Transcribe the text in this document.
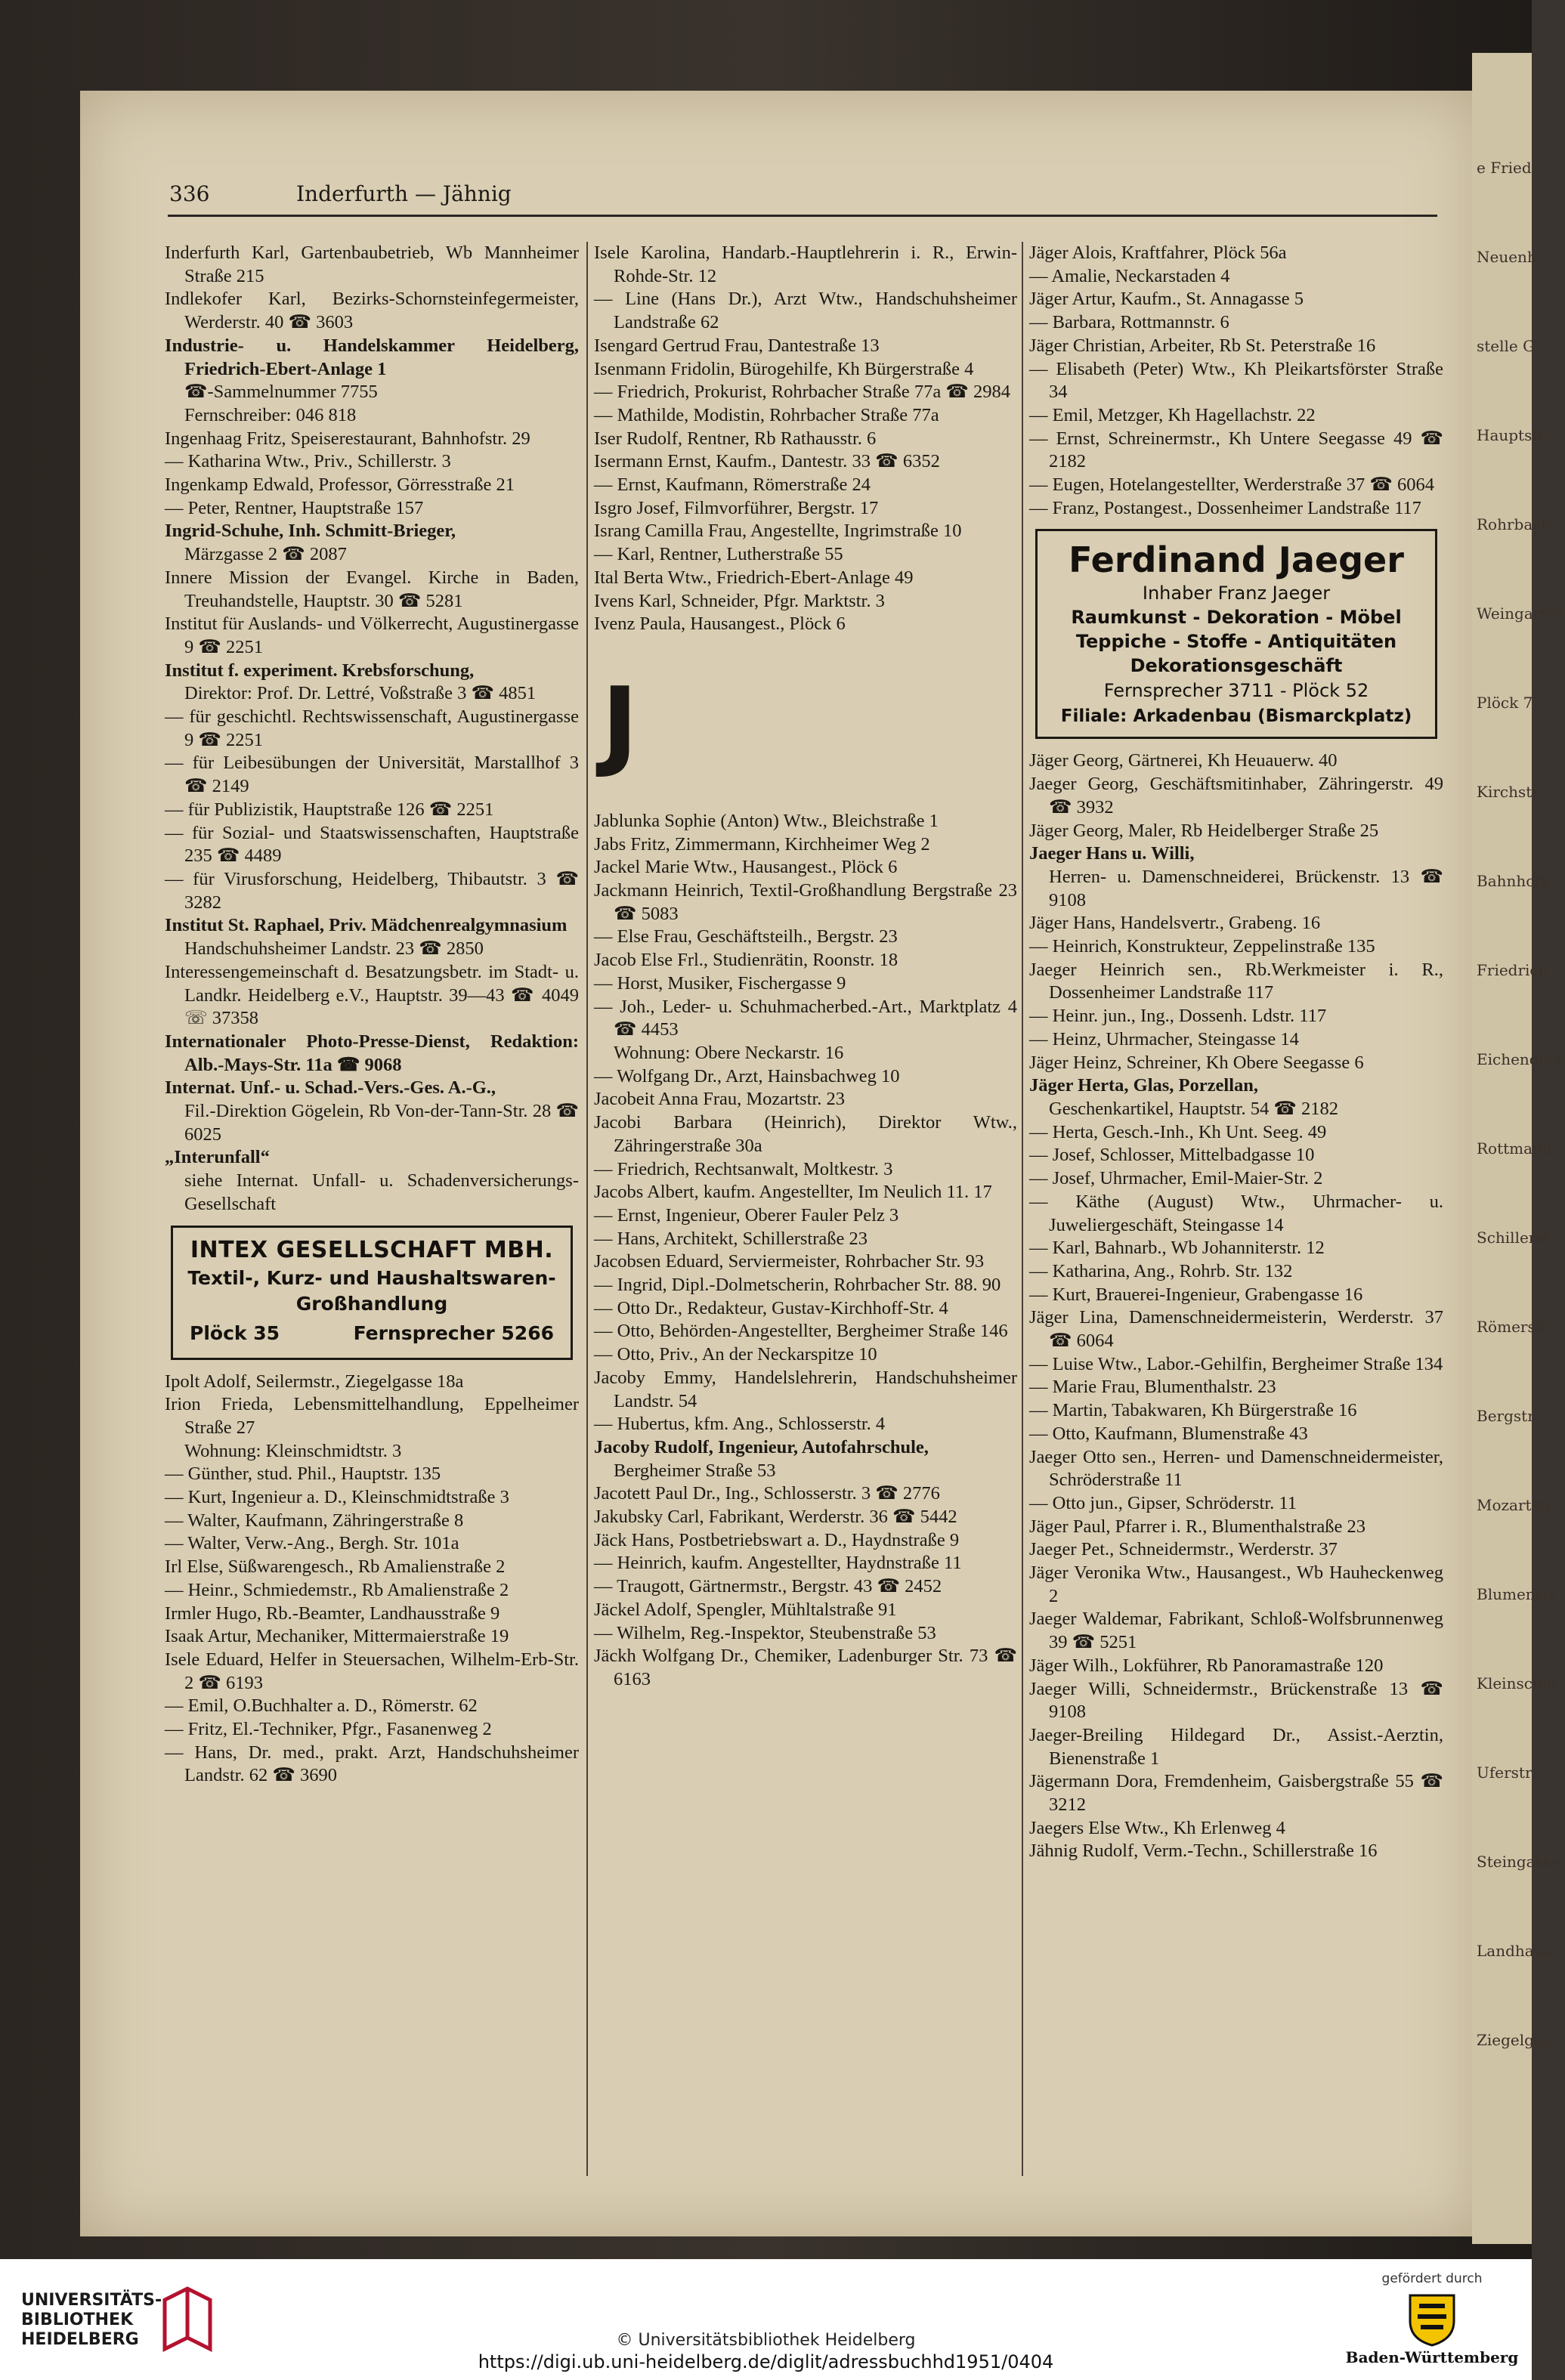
e Fried
Neuenh
stelle G
Hauptstr
Rohrbach
Weingarten
Plöck 7
Kirchstr
Bahnhofs
Friedrich
Eichendorf
Rottmann
Schillerst
Römerstr
Bergstr
Mozartstr
Blumenstr
Kleinschm
Uferstr
Steingasse
Landhaus
Ziegelgas
336	Inderfurth — Jähnig

Inderfurth Karl, Gartenbaubetrieb, Wb Mannheimer Straße 215

Indlekofer Karl, Bezirks-Schornsteinfegermeister, Werderstr. 40 ☎ 3603

Industrie- u. Handelskammer Heidelberg, Friedrich-Ebert-Anlage 1

☎-Sammelnummer 7755

Fernschreiber: 046 818

Ingenhaag Fritz, Speiserestaurant, Bahnhofstr. 29

— Katharina Wtw., Priv., Schillerstr. 3

Ingenkamp Edwald, Professor, Görresstraße 21

— Peter, Rentner, Hauptstraße 157

Ingrid-Schuhe, Inh. Schmitt-Brieger,

Märzgasse 2 ☎ 2087

Innere Mission der Evangel. Kirche in Baden, Treuhandstelle, Hauptstr. 30 ☎ 5281

Institut für Auslands- und Völkerrecht, Augustinergasse 9 ☎ 2251

Institut f. experiment. Krebsforschung,

Direktor: Prof. Dr. Lettré, Voßstraße 3 ☎ 4851

— für geschichtl. Rechtswissenschaft, Augustinergasse 9 ☎ 2251

— für Leibesübungen der Universität, Marstallhof 3 ☎ 2149

— für Publizistik, Hauptstraße 126 ☎ 2251

— für Sozial- und Staatswissenschaften, Hauptstraße 235 ☎ 4489

— für Virusforschung, Heidelberg, Thibautstr. 3 ☎ 3282

Institut St. Raphael, Priv. Mädchenrealgymnasium

Handschuhsheimer Landstr. 23 ☎ 2850

Interessengemeinschaft d. Besatzungsbetr. im Stadt- u. Landkr. Heidelberg e.V., Hauptstr. 39—43 ☎ 4049 ☏ 37358

Internationaler Photo-Presse-Dienst, Redaktion: Alb.-Mays-Str. 11a ☎ 9068

Internat. Unf.- u. Schad.-Vers.-Ges. A.-G.,

Fil.-Direktion Gögelein, Rb Von-der-Tann-Str. 28 ☎ 6025

„Interunfall“

siehe Internat. Unfall- u. Schadenversicherungs-Gesellschaft

INTEX GESELLSCHAFT MBH.
Textil-, Kurz- und Haushaltswaren-
Großhandlung
Plöck 35	Fernsprecher 5266

Ipolt Adolf, Seilermstr., Ziegelgasse 18a

Irion Frieda, Lebensmittelhandlung, Eppelheimer Straße 27

Wohnung: Kleinschmidtstr. 3

— Günther, stud. Phil., Hauptstr. 135

— Kurt, Ingenieur a. D., Kleinschmidtstraße 3

— Walter, Kaufmann, Zähringerstraße 8

— Walter, Verw.-Ang., Bergh. Str. 101a

Irl Else, Süßwarengesch., Rb Amalienstraße 2

— Heinr., Schmiedemstr., Rb Amalienstraße 2

Irmler Hugo, Rb.-Beamter, Landhausstraße 9

Isaak Artur, Mechaniker, Mittermaierstraße 19

Isele Eduard, Helfer in Steuersachen, Wilhelm-Erb-Str. 2 ☎ 6193

— Emil, O.Buchhalter a. D., Römerstr. 62

— Fritz, El.-Techniker, Pfgr., Fasanenweg 2

— Hans, Dr. med., prakt. Arzt, Handschuhsheimer Landstr. 62 ☎ 3690

Isele Karolina, Handarb.-Hauptlehrerin i. R., Erwin-Rohde-Str. 12

— Line (Hans Dr.), Arzt Wtw., Handschuhsheimer Landstraße 62

Isengard Gertrud Frau, Dantestraße 13

Isenmann Fridolin, Bürogehilfe, Kh Bürgerstraße 4

— Friedrich, Prokurist, Rohrbacher Straße 77a ☎ 2984

— Mathilde, Modistin, Rohrbacher Straße 77a

Iser Rudolf, Rentner, Rb Rathausstr. 6

Isermann Ernst, Kaufm., Dantestr. 33 ☎ 6352

— Ernst, Kaufmann, Römerstraße 24

Isgro Josef, Filmvorführer, Bergstr. 17

Israng Camilla Frau, Angestellte, Ingrimstraße 10

— Karl, Rentner, Lutherstraße 55

Ital Berta Wtw., Friedrich-Ebert-Anlage 49

Ivens Karl, Schneider, Pfgr. Marktstr. 3

Ivenz Paula, Hausangest., Plöck 6

J

Jablunka Sophie (Anton) Wtw., Bleichstraße 1

Jabs Fritz, Zimmermann, Kirchheimer Weg 2

Jackel Marie Wtw., Hausangest., Plöck 6

Jackmann Heinrich, Textil-Großhandlung Bergstraße 23 ☎ 5083

— Else Frau, Geschäftsteilh., Bergstr. 23

Jacob Else Frl., Studienrätin, Roonstr. 18

— Horst, Musiker, Fischergasse 9

— Joh., Leder- u. Schuhmacherbed.-Art., Marktplatz 4 ☎ 4453

Wohnung: Obere Neckarstr. 16

— Wolfgang Dr., Arzt, Hainsbachweg 10

Jacobeit Anna Frau, Mozartstr. 23

Jacobi Barbara (Heinrich), Direktor Wtw., Zähringerstraße 30a

— Friedrich, Rechtsanwalt, Moltkestr. 3

Jacobs Albert, kaufm. Angestellter, Im Neulich 11. 17

— Ernst, Ingenieur, Oberer Fauler Pelz 3

— Hans, Architekt, Schillerstraße 23

Jacobsen Eduard, Serviermeister, Rohrbacher Str. 93

— Ingrid, Dipl.-Dolmetscherin, Rohrbacher Str. 88. 90

— Otto Dr., Redakteur, Gustav-Kirchhoff-Str. 4

— Otto, Behörden-Angestellter, Bergheimer Straße 146

— Otto, Priv., An der Neckarspitze 10

Jacoby Emmy, Handelslehrerin, Handschuhsheimer Landstr. 54

— Hubertus, kfm. Ang., Schlosserstr. 4

Jacoby Rudolf, Ingenieur, Autofahrschule,

Bergheimer Straße 53

Jacotett Paul Dr., Ing., Schlosserstr. 3 ☎ 2776

Jakubsky Carl, Fabrikant, Werderstr. 36 ☎ 5442

Jäck Hans, Postbetriebswart a. D., Haydnstraße 9

— Heinrich, kaufm. Angestellter, Haydnstraße 11

— Traugott, Gärtnermstr., Bergstr. 43 ☎ 2452

Jäckel Adolf, Spengler, Mühltalstraße 91

— Wilhelm, Reg.-Inspektor, Steubenstraße 53

Jäckh Wolfgang Dr., Chemiker, Ladenburger Str. 73 ☎ 6163

Jäger Alois, Kraftfahrer, Plöck 56a

— Amalie, Neckarstaden 4

Jäger Artur, Kaufm., St. Annagasse 5

— Barbara, Rottmannstr. 6

Jäger Christian, Arbeiter, Rb St. Peterstraße 16

— Elisabeth (Peter) Wtw., Kh Pleikartsförster Straße 34

— Emil, Metzger, Kh Hagellachstr. 22

— Ernst, Schreinermstr., Kh Untere Seegasse 49 ☎ 2182

— Eugen, Hotelangestellter, Werderstraße 37 ☎ 6064

— Franz, Postangest., Dossenheimer Landstraße 117

Ferdinand Jaeger
Inhaber Franz Jaeger
Raumkunst - Dekoration - Möbel
Teppiche - Stoffe - Antiquitäten
Dekorationsgeschäft
Fernsprecher 3711 - Plöck 52
Filiale: Arkadenbau (Bismarckplatz)

Jäger Georg, Gärtnerei, Kh Heuauerw. 40

Jaeger Georg, Geschäftsmitinhaber, Zähringerstr. 49 ☎ 3932

Jäger Georg, Maler, Rb Heidelberger Straße 25

Jaeger Hans u. Willi,

Herren- u. Damenschneiderei, Brückenstr. 13 ☎ 9108

Jäger Hans, Handelsvertr., Grabeng. 16

— Heinrich, Konstrukteur, Zeppelinstraße 135

Jaeger Heinrich sen., Rb.Werkmeister i. R., Dossenheimer Landstraße 117

— Heinr. jun., Ing., Dossenh. Ldstr. 117

— Heinz, Uhrmacher, Steingasse 14

Jäger Heinz, Schreiner, Kh Obere Seegasse 6

Jäger Herta, Glas, Porzellan,

Geschenkartikel, Hauptstr. 54 ☎ 2182

— Herta, Gesch.-Inh., Kh Unt. Seeg. 49

— Josef, Schlosser, Mittelbadgasse 10

— Josef, Uhrmacher, Emil-Maier-Str. 2

— Käthe (August) Wtw., Uhrmacher- u. Juweliergeschäft, Steingasse 14

— Karl, Bahnarb., Wb Johanniterstr. 12

— Katharina, Ang., Rohrb. Str. 132

— Kurt, Brauerei-Ingenieur, Grabengasse 16

Jäger Lina, Damenschneidermeisterin, Werderstr. 37 ☎ 6064

— Luise Wtw., Labor.-Gehilfin, Bergheimer Straße 134

— Marie Frau, Blumenthalstr. 23

— Martin, Tabakwaren, Kh Bürgerstraße 16

— Otto, Kaufmann, Blumenstraße 43

Jaeger Otto sen., Herren- und Damenschneidermeister, Schröderstraße 11

— Otto jun., Gipser, Schröderstr. 11

Jäger Paul, Pfarrer i. R., Blumenthalstraße 23

Jaeger Pet., Schneidermstr., Werderstr. 37

Jäger Veronika Wtw., Hausangest., Wb Hauheckenweg 2

Jaeger Waldemar, Fabrikant, Schloß-Wolfsbrunnenweg 39 ☎ 5251

Jäger Wilh., Lokführer, Rb Panoramastraße 120

Jaeger Willi, Schneidermstr., Brückenstraße 13 ☎ 9108

Jaeger-Breiling Hildegard Dr., Assist.-Aerztin, Bienenstraße 1

Jägermann Dora, Fremdenheim, Gaisbergstraße 55 ☎ 3212

Jaegers Else Wtw., Kh Erlenweg 4

Jähnig Rudolf, Verm.-Techn., Schillerstraße 16

UNIVERSITÄTS-
BIBLIOTHEK
HEIDELBERG	© Universitätsbibliothek Heidelberg
https://digi.ub.uni-heidelberg.de/diglit/adressbuchhd1951/0404
gefördert durch
Baden-Württemberg
